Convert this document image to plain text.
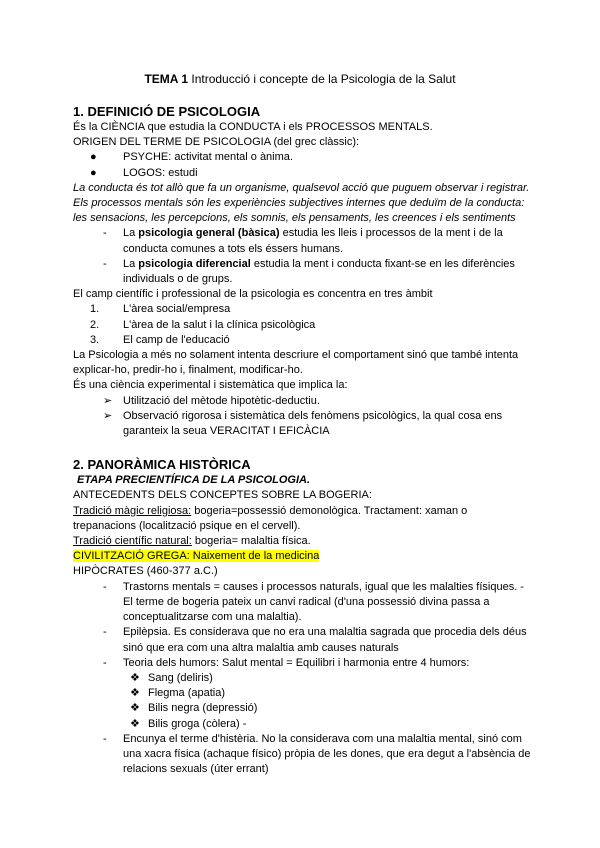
TEMA 1 Introducció i concepte de la Psicologia de la Salut
1. DEFINICIÓ DE PSICOLOGIA

És la CIÈNCIA que estudia la CONDUCTA i els PROCESSOS MENTALS.

ORIGEN DEL TERME DE PSICOLOGIA (del grec clàssic):

●	PSYCHE: activitat mental o ànima.
●	LOGOS: estudi

La conducta és tot allò que fa un organisme, qualsevol acció que puguem observar i registrar.

Els processos mentals són les experiències subjectives internes que deduïm de la conducta: les sensacions, les percepcions, els somnis, els pensaments, les creences i els sentiments

-	La psicologia general (bàsica) estudia les lleis i processos de la ment i de la conducta comunes a tots els éssers humans.
-	La psicologia diferencial estudia la ment i conducta fixant-se en les diferències individuals o de grups.

El camp científic i professional de la psicologia es concentra en tres àmbit

1.	L'àrea social/empresa
2.	L'àrea de la salut i la clínica psicològica
3.	El camp de l'educació

La Psicologia a més no solament intenta descriure el comportament sinó que també intenta explicar-ho, predir-ho i, finalment, modificar-ho.

És una ciència experimental i sistemàtica que implica la:

➢ Utilització del mètode hipotètic-deductiu.
➢ Observació rigorosa i sistemàtica dels fenòmens psicològics, la qual cosa ens garanteix la seua VERACITAT I EFICÀCIA
2. PANORÀMICA HISTÒRICA

ETAPA PRECIENTÍFICA DE LA PSICOLOGIA.

ANTECEDENTS DELS CONCEPTES SOBRE LA BOGERIA:

Tradició màgic religiosa: bogeria=possessió demonològica. Tractament: xaman o trepanacions (localització psique en el cervell).

Tradició científic natural: bogeria= malaltia física.

CIVILITZACIÓ GREGA: Naixement de la medicina

HIPÒCRATES (460-377 a.C.)

-	Trastorns mentals = causes i processos naturals, igual que les malalties físiques. - El terme de bogeria pateix un canvi radical (d'una possessió divina passa a conceptualitzarse com una malaltia).
-	Epilèpsia. Es considerava que no era una malaltia sagrada que procedia dels déus sinó que era com una altra malaltia amb causes naturals
-	Teoria dels humors: Salut mental = Equilibri i harmonia entre 4 humors:
❖ Sang (deliris)
❖ Flegma (apatia)
❖ Bilis negra (depressió)
❖ Bilis groga (còlera) -
-	Encunya el terme d'histèria. No la considerava com una malaltia mental, sinó com una xacra física (achaque físico) pròpia de les dones, que era degut a l'absència de relacions sexuals (úter errant)
